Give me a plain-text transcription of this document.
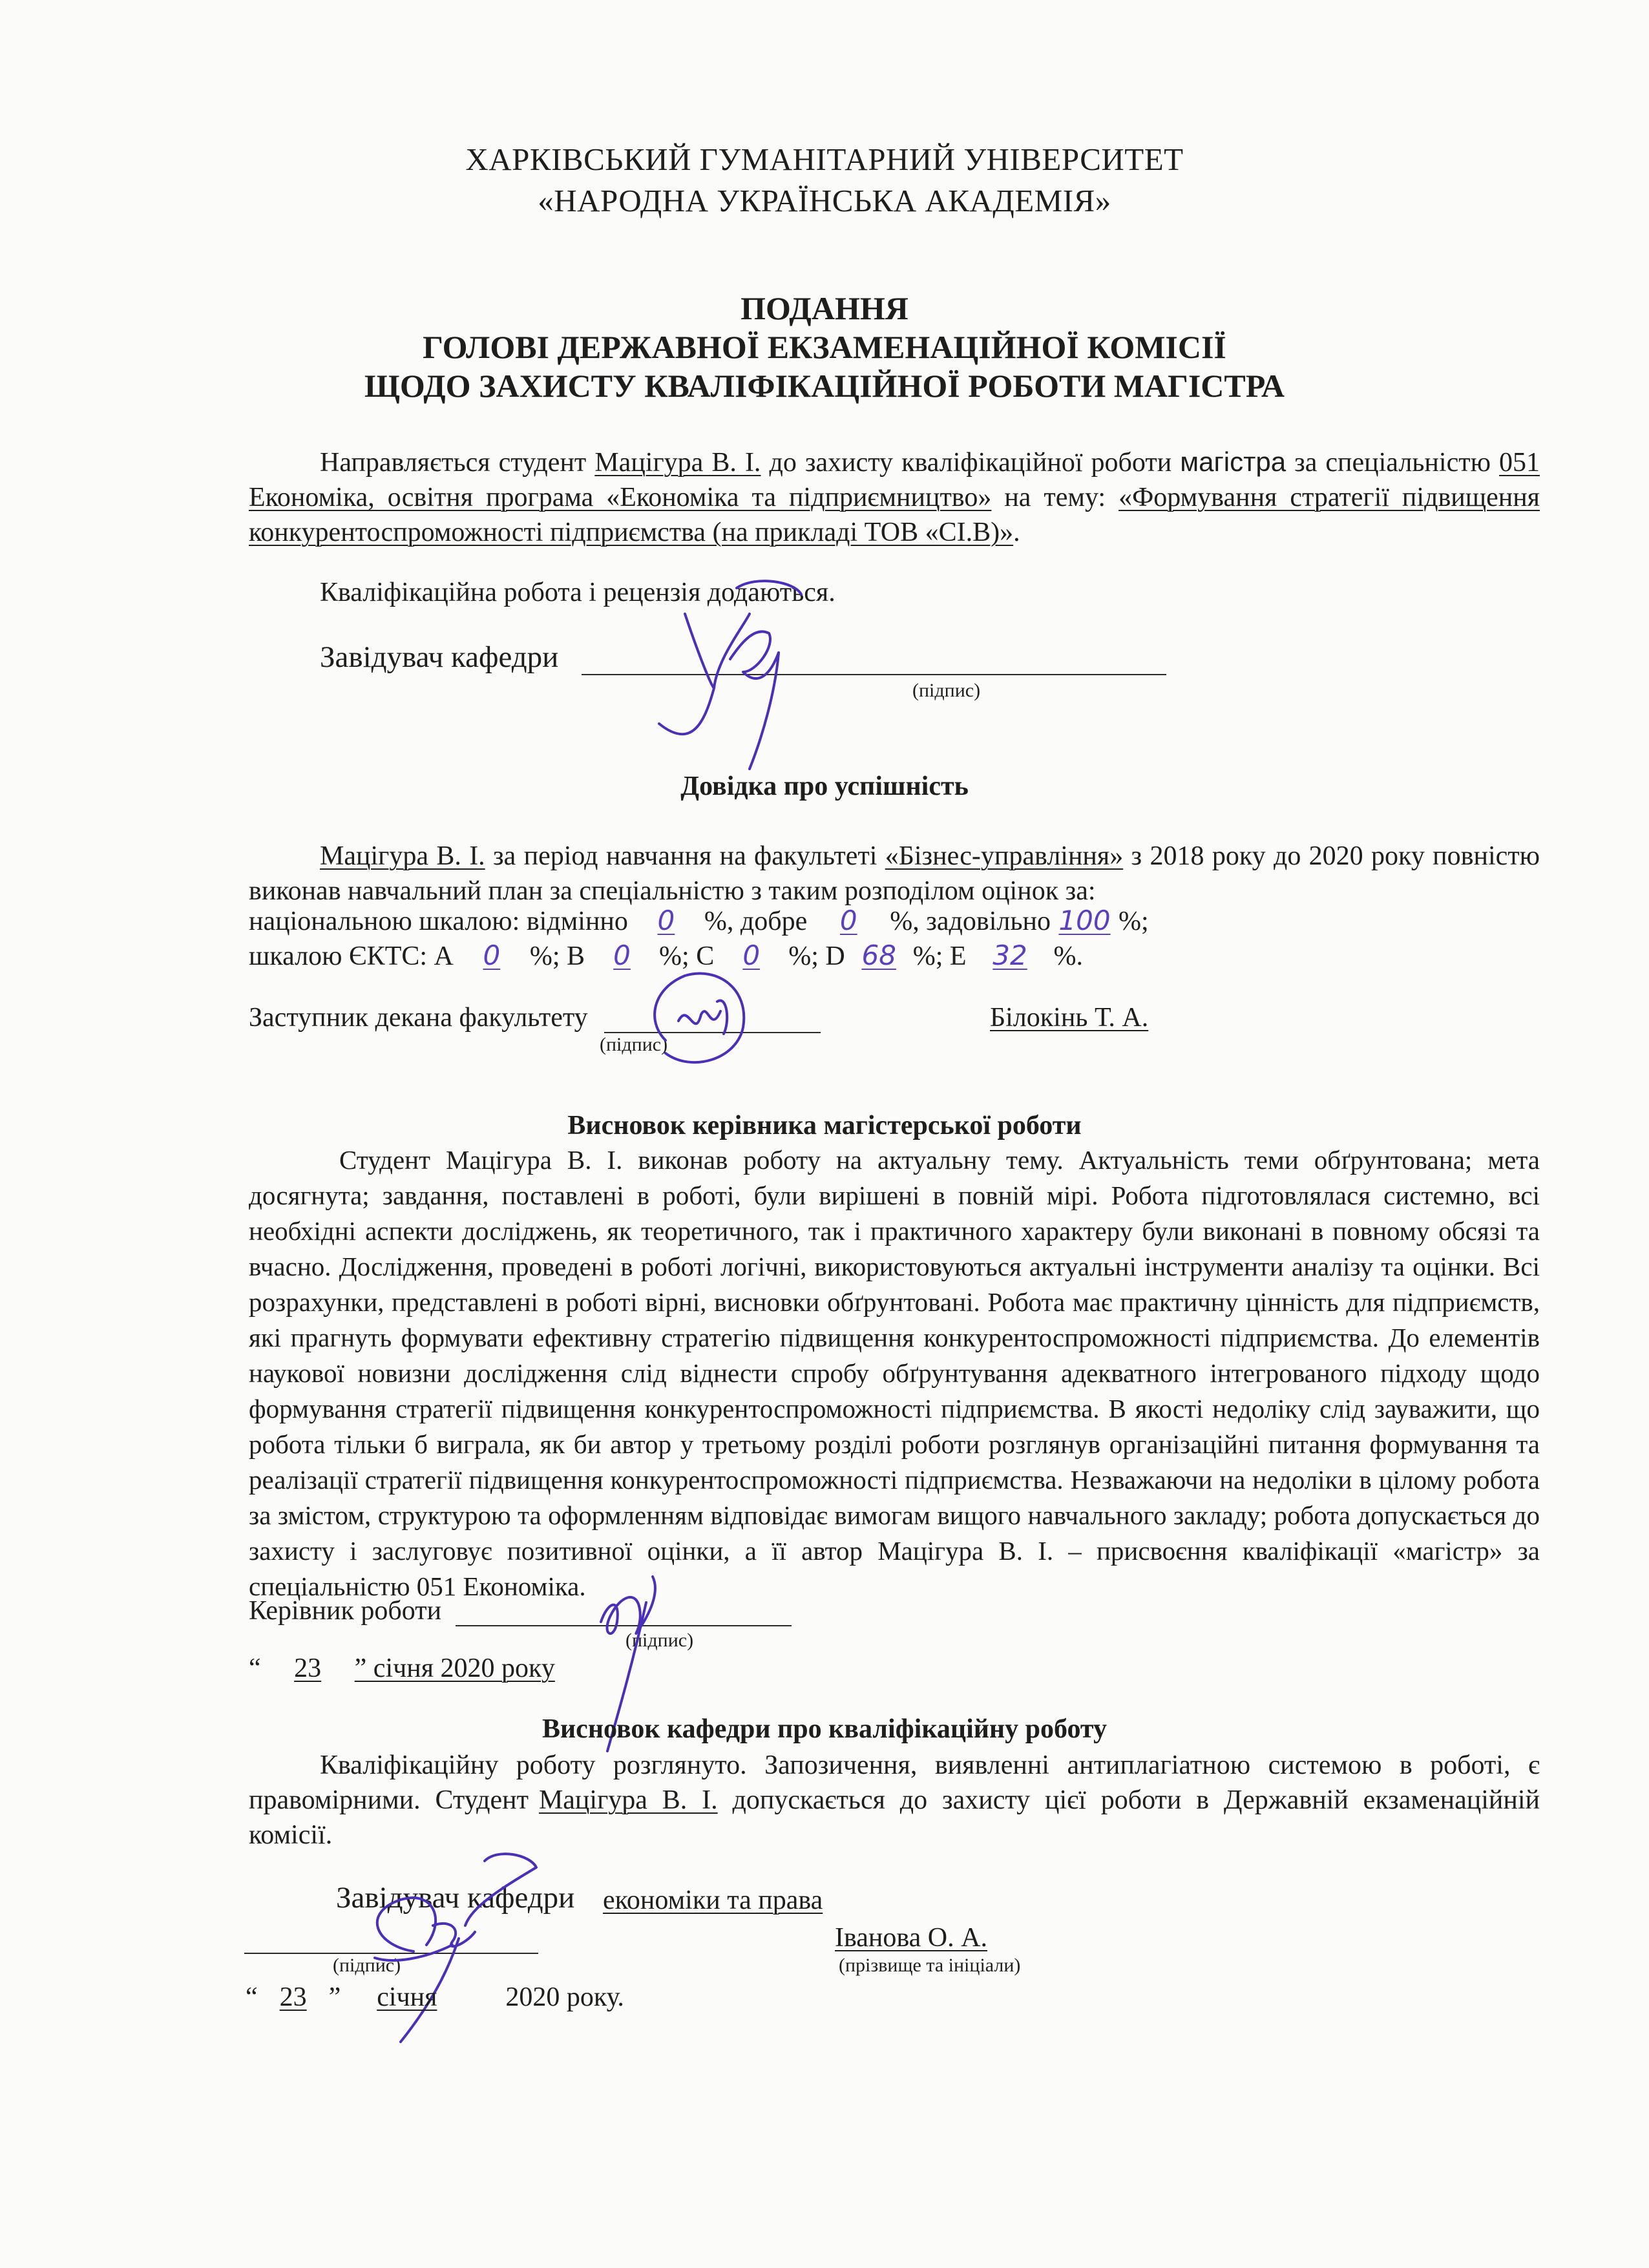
ХАРКІВСЬКИЙ ГУМАНІТАРНИЙ УНІВЕРСИТЕТ
«НАРОДНА УКРАЇНСЬКА АКАДЕМІЯ»
ПОДАННЯ
ГОЛОВІ ДЕРЖАВНОЇ ЕКЗАМЕНАЦІЙНОЇ КОМІСІЇ
ЩОДО ЗАХИСТУ КВАЛІФІКАЦІЙНОЇ РОБОТИ МАГІСТРА
Направляється студент Мацігура В. І. до захисту кваліфікаційної роботи магістра за спеціальністю 051 Економіка, освітня програма «Економіка та підприємництво» на тему: «Формування стратегії підвищення конкурентоспроможності підприємства (на прикладі ТОВ «СІ.В)».
Кваліфікаційна робота і рецензія додаються.
Завідувач кафедри
(підпис)
Довідка про успішність
Мацігура В. І. за період навчання на факультеті «Бізнес-управління» з 2018 року до 2020 року повністю виконав навчальний план за спеціальністю з таким розподілом оцінок за:
національною шкалою: відмінно 0 %, добре 0 %, задовільно 100 %;
шкалою ЄКТС: А 0 %; B 0 %; C 0 %; D 68 %; E 32 %.
Заступник декана факультету
(підпис)
Білокінь Т. А.
Висновок керівника магістерської роботи
Студент Мацігура В. І. виконав роботу на актуальну тему. Актуальність теми обґрунтована; мета досягнута; завдання, поставлені в роботі, були вирішені в повній мірі. Робота підготовлялася системно, всі необхідні аспекти досліджень, як теоретичного, так і практичного характеру були виконані в повному обсязі та вчасно. Дослідження, проведені в роботі логічні, використовуються актуальні інструменти аналізу та оцінки. Всі розрахунки, представлені в роботі вірні, висновки обґрунтовані. Робота має практичну цінність для підприємств, які прагнуть формувати ефективну стратегію підвищення конкурентоспроможності підприємства. До елементів наукової новизни дослідження слід віднести спробу обґрунтування адекватного інтегрованого підходу щодо формування стратегії підвищення конкурентоспроможності підприємства. В якості недоліку слід зауважити, що робота тільки б виграла, як би автор у третьому розділі роботи розглянув організаційні питання формування та реалізації стратегії підвищення конкурентоспроможності підприємства. Незважаючи на недоліки в цілому робота за змістом, структурою та оформленням відповідає вимогам вищого навчального закладу; робота допускається до захисту і заслуговує позитивної оцінки, а її автор Мацігура В. І. – присвоєння кваліфікації «магістр» за спеціальністю 051 Економіка.
Керівник роботи
(підпис)
“ 23 ” січня 2020 року
Висновок кафедри про кваліфікаційну роботу
Кваліфікаційну роботу розглянуто. Запозичення, виявленні антиплагіатною системою в роботі, є правомірними. Студент Мацігура В. І. допускається до захисту цієї роботи в Державній екзаменаційній комісії.
Завідувач кафедри економіки та права
(підпис)
Іванова О. А.
(прізвище та ініціали)
“ 23 ” січня	2020 року.
